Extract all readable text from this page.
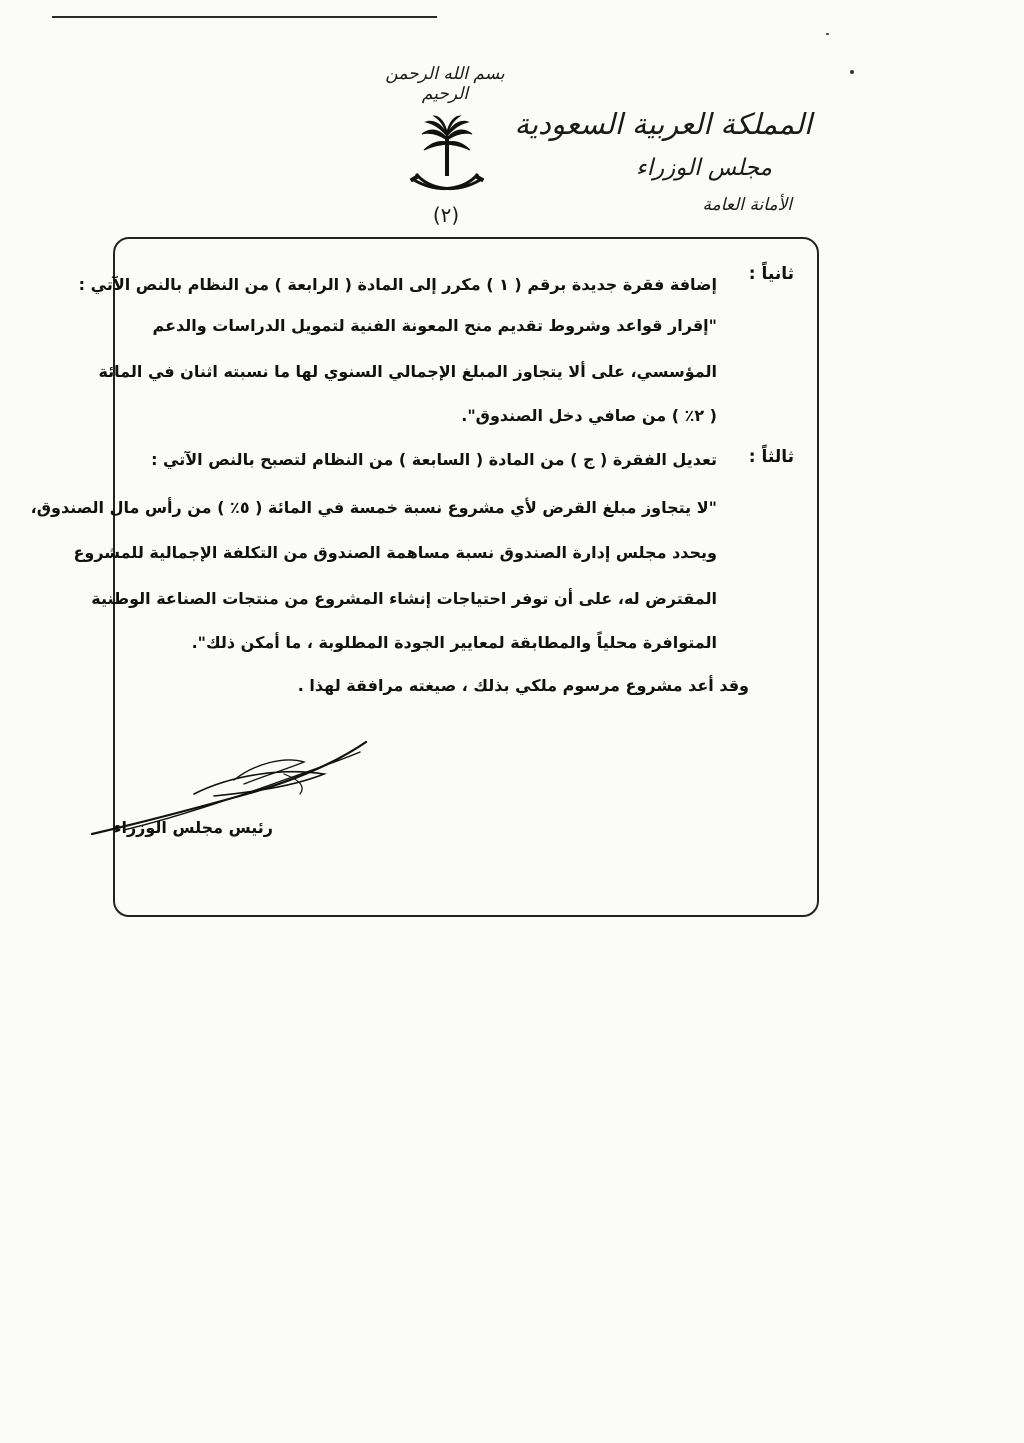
بسم الله الرحمن الرحيم
(٢)
المملكة العربية السعودية
مجلس الوزراء
الأمانة العامة
ثانياً :
إضافة فقرة جديدة برقم ( ١ ) مكرر إلى المادة ( الرابعة ) من النظام بالنص الآتي :
"إقرار قواعد وشروط تقديم منح المعونة الفنية لتمويل الدراسات والدعم
المؤسسي، على ألا يتجاوز المبلغ الإجمالي السنوي لها ما نسبته اثنان في المائة
( ٢٪ ) من صافي دخل الصندوق".
ثالثاً :
تعديل الفقرة ( ج ) من المادة ( السابعة ) من النظام لتصبح بالنص الآتي :
"لا يتجاوز مبلغ القرض لأي مشروع نسبة خمسة في المائة ( ٥٪ ) من رأس مال الصندوق،
ويحدد مجلس إدارة الصندوق نسبة مساهمة الصندوق من التكلفة الإجمالية للمشروع
المقترض له، على أن توفر احتياجات إنشاء المشروع من منتجات الصناعة الوطنية
المتوافرة محلياً والمطابقة لمعايير الجودة المطلوبة ، ما أمكن ذلك".
وقد أعد مشروع مرسوم ملكي بذلك ، صيغته مرافقة لهذا .
رئيس مجلس الوزراء
